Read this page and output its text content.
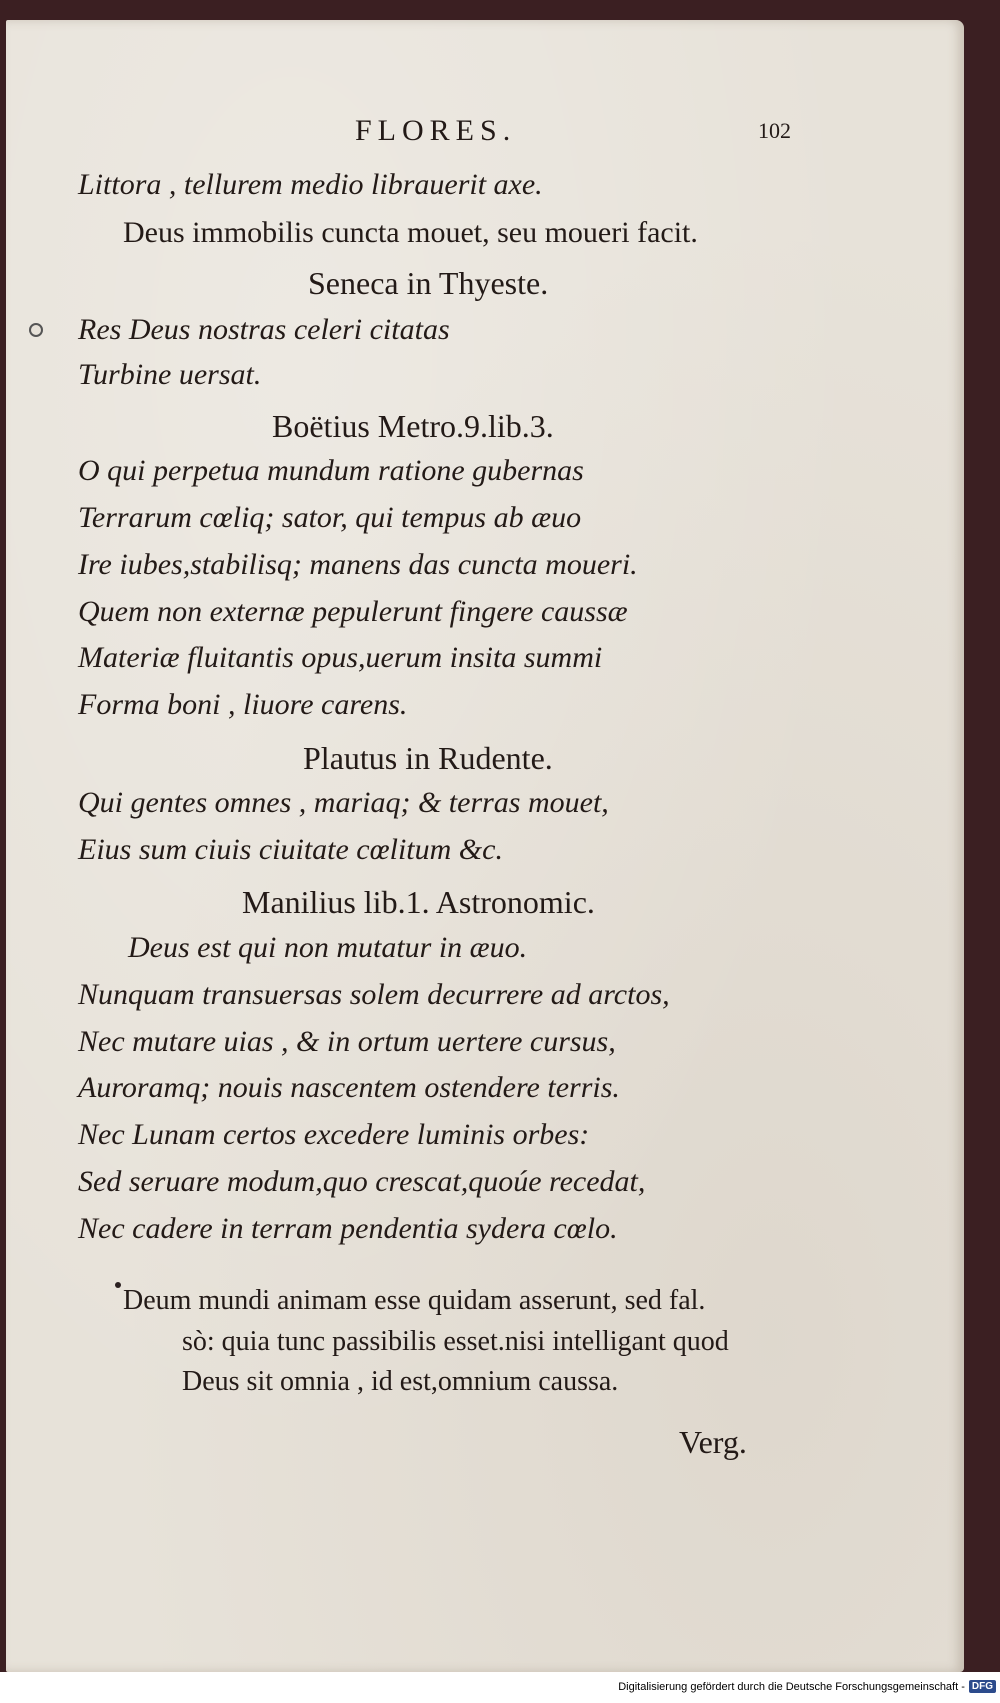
FLORES.	102
Littora , tellurem medio librauerit axe.
Deus immobilis cuncta mouet, seu moueri facit.
Seneca in Thyeste.
Res Deus nostras celeri citatas
Turbine uersat.
Boëtius Metro.9.lib.3.
O qui perpetua mundum ratione gubernas
Terrarum cœliq; sator, qui tempus ab æuo
Ire iubes,stabilisq; manens das cuncta moueri.
Quem non externæ pepulerunt fingere caussæ
Materiæ fluitantis opus,uerum insita summi
Forma boni , liuore carens.
Plautus in Rudente.
Qui gentes omnes , mariaq; & terras mouet,
Eius sum ciuis ciuitate cœlitum &c.
Manilius lib.1. Astronomic.
Deus est qui non mutatur in æuo.
Nunquam transuersas solem decurrere ad arctos,
Nec mutare uias , & in ortum uertere cursus,
Auroramq; nouis nascentem ostendere terris.
Nec Lunam certos excedere luminis orbes:
Sed seruare modum,quo crescat,quoúe recedat,
Nec cadere in terram pendentia sydera cœlo.
Deum mundi animam esse quidam asserunt, sed fal.
sò: quia tunc passibilis esset.nisi intelligant quod
Deus sit omnia , id est,omnium caussa.
Verg.
Digitalisierung gefördert durch die Deutsche Forschungsgemeinschaft - DFG
